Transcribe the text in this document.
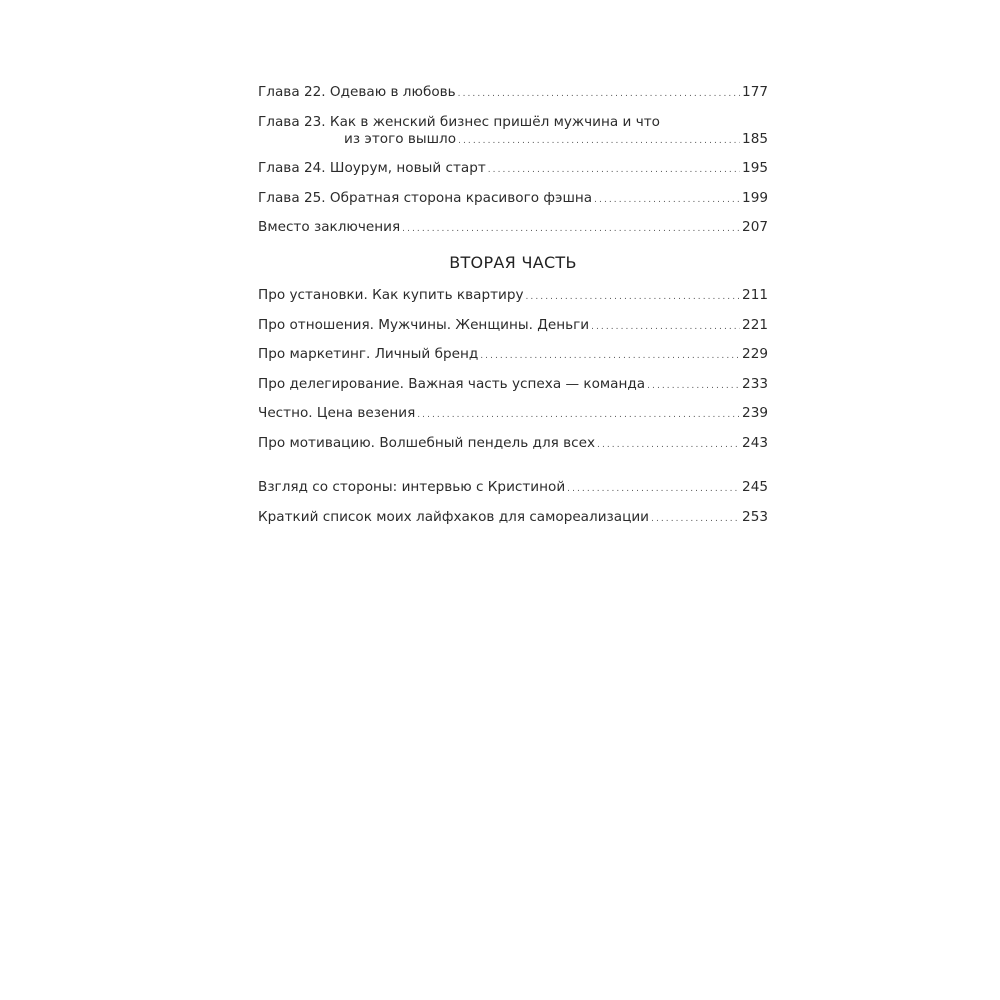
Глава 22. Одеваю в любовь . . .	177
Глава 23. Как в женский бизнес пришёл мужчина и что
из этого вышло . . .	185
Глава 24. Шоурум, новый старт . . .	195
Глава 25. Обратная сторона красивого фэшна . . .	199
Вместо заключения . . .	207
ВТОРАЯ ЧАСТЬ
Про установки. Как купить квартиру . . .	211
Про отношения. Мужчины. Женщины. Деньги . . .	221
Про маркетинг. Личный бренд . . .	229
Про делегирование. Важная часть успеха — команда . . .	233
Честно. Цена везения . . .	239
Про мотивацию. Волшебный пендель для всех . . .	243
Взгляд со стороны: интервью с Кристиной . . .	245
Краткий список моих лайфхаков для самореализации . . .	253
